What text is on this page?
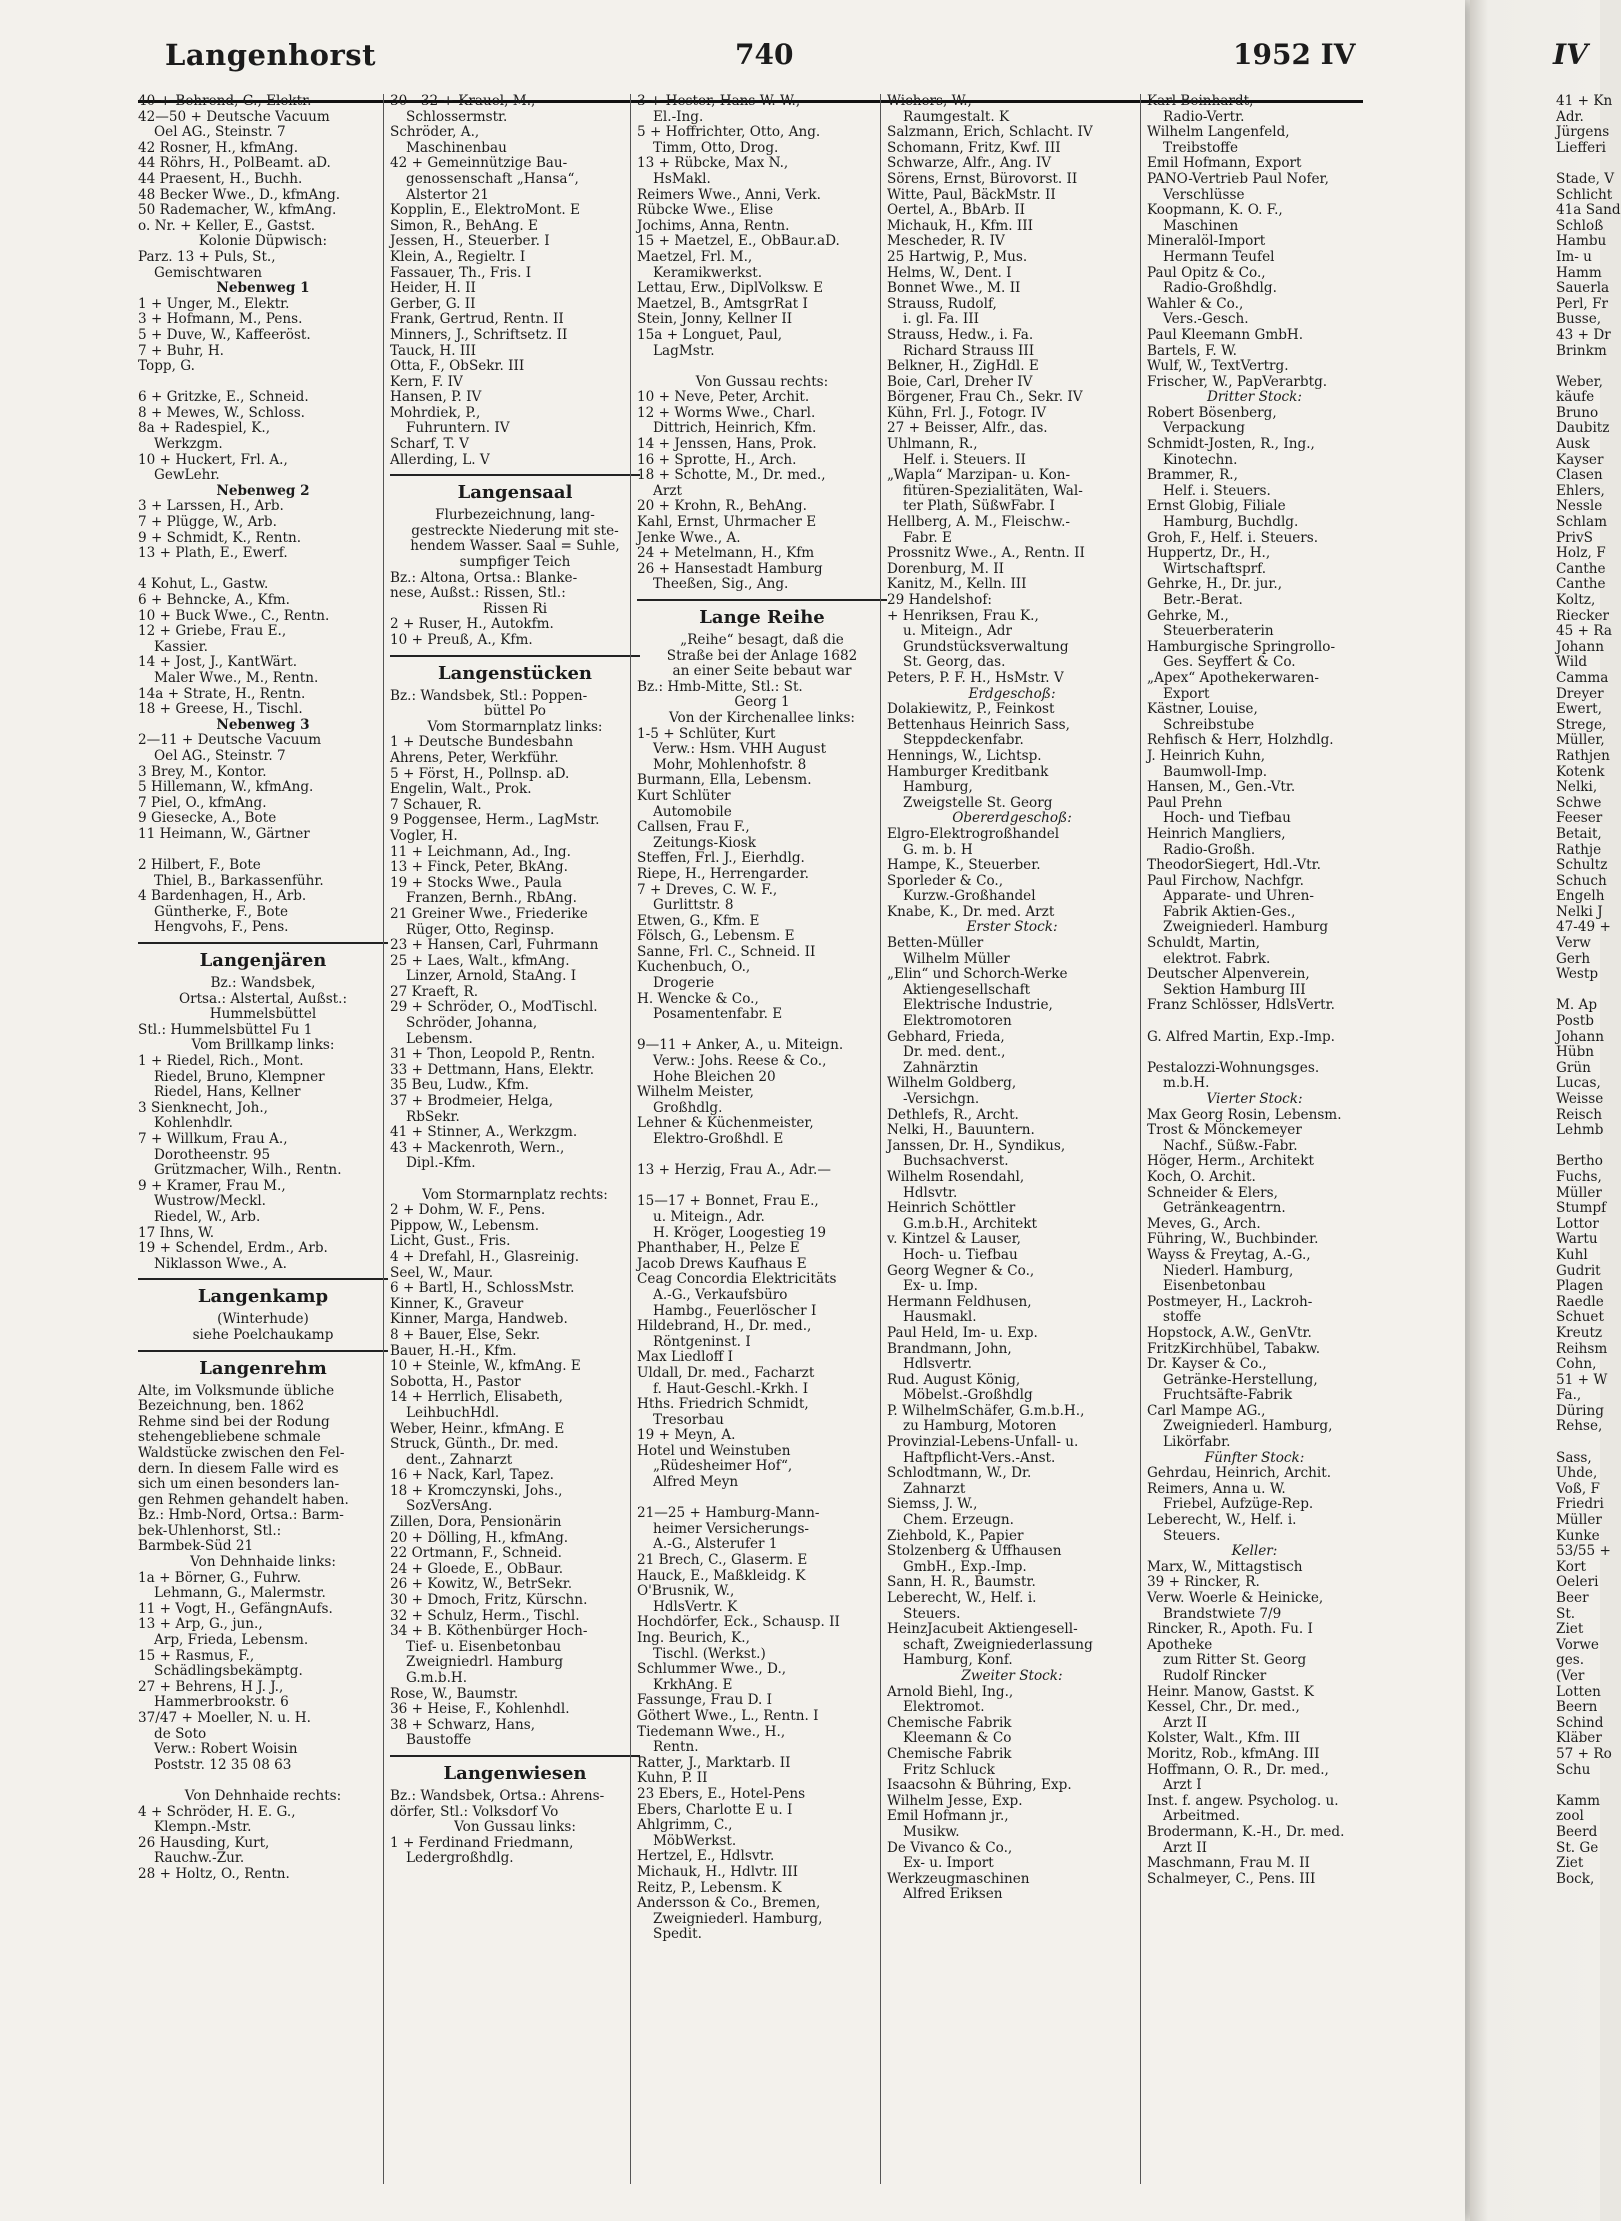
Langenhorst	740	1952 IV
40 + Behrend, G., Elektr.
42—50 + Deutsche Vacuum
Oel AG., Steinstr. 7
42 Rosner, H., kfmAng.
44 Röhrs, H., PolBeamt. aD.
44 Praesent, H., Buchh.
48 Becker Wwe., D., kfmAng.
50 Rademacher, W., kfmAng.
o. Nr. + Keller, E., Gastst.
Kolonie Düpwisch:
Parz. 13 + Puls, St.,
Gemischtwaren
Nebenweg 1
1 + Unger, M., Elektr.
3 + Hofmann, M., Pens.
5 + Duve, W., Kaffeeröst.
7 + Buhr, H.
Topp, G.

6 + Gritzke, E., Schneid.
8 + Mewes, W., Schloss.
8a + Radespiel, K.,
Werkzgm.
10 + Huckert, Frl. A.,
GewLehr.
Nebenweg 2
3 + Larssen, H., Arb.
7 + Plügge, W., Arb.
9 + Schmidt, K., Rentn.
13 + Plath, E., Ewerf.

4 Kohut, L., Gastw.
6 + Behncke, A., Kfm.
10 + Buck Wwe., C., Rentn.
12 + Griebe, Frau E.,
Kassier.
14 + Jost, J., KantWärt.
Maler Wwe., M., Rentn.
14a + Strate, H., Rentn.
18 + Greese, H., Tischl.
Nebenweg 3
2—11 + Deutsche Vacuum
Oel AG., Steinstr. 7
3 Brey, M., Kontor.
5 Hillemann, W., kfmAng.
7 Piel, O., kfmAng.
9 Giesecke, A., Bote
11 Heimann, W., Gärtner

2 Hilbert, F., Bote
Thiel, B., Barkassenführ.
4 Bardenhagen, H., Arb.
Güntherke, F., Bote
Hengvohs, F., Pens.
Langenjären
Bz.: Wandsbek,
Ortsa.: Alstertal, Außst.:
Hummelsbüttel
Stl.: Hummelsbüttel Fu 1
Vom Brillkamp links:
1 + Riedel, Rich., Mont.
Riedel, Bruno, Klempner
Riedel, Hans, Kellner
3 Sienknecht, Joh.,
Kohlenhdlr.
7 + Willkum, Frau A.,
Dorotheenstr. 95
Grützmacher, Wilh., Rentn.
9 + Kramer, Frau M.,
Wustrow/Meckl.
Riedel, W., Arb.
17 Ihns, W.
19 + Schendel, Erdm., Arb.
Niklasson Wwe., A.
Langenkamp
(Winterhude)
siehe Poelchaukamp
Langenrehm
Alte, im Volksmunde übliche
Bezeichnung, ben. 1862
Rehme sind bei der Rodung
stehengebliebene schmale
Waldstücke zwischen den Fel-
dern. In diesem Falle wird es
sich um einen besonders lan-
gen Rehmen gehandelt haben.
Bz.: Hmb-Nord, Ortsa.: Barm-
bek-Uhlenhorst, Stl.:
Barmbek-Süd 21
Von Dehnhaide links:
1a + Börner, G., Fuhrw.
Lehmann, G., Malermstr.
11 + Vogt, H., GefängnAufs.
13 + Arp, G., jun.,
Arp, Frieda, Lebensm.
15 + Rasmus, F.,
Schädlingsbekämptg.
27 + Behrens, H J. J.,
Hammerbrookstr. 6
37/47 + Moeller, N. u. H.
de Soto
Verw.: Robert Woisin
Poststr. 12 35 08 63

Von Dehnhaide rechts:
4 + Schröder, H. E. G.,
Klempn.-Mstr.
26 Hausding, Kurt,
Rauchw.-Zur.
28 + Holtz, O., Rentn.
30—32 + Krauel, M.,
Schlossermstr.
Schröder, A.,
Maschinenbau
42 + Gemeinnützige Bau-
genossenschaft „Hansa“,
Alstertor 21
Kopplin, E., ElektroMont. E
Simon, R., BehAng. E
Jessen, H., Steuerber. I
Klein, A., Regieltr. I
Fassauer, Th., Fris. I
Heider, H. II
Gerber, G. II
Frank, Gertrud, Rentn. II
Minners, J., Schriftsetz. II
Tauck, H. III
Otta, F., ObSekr. III
Kern, F. IV
Hansen, P. IV
Mohrdiek, P.,
Fuhruntern. IV
Scharf, T. V
Allerding, L. V
Langensaal
Flurbezeichnung, lang-
gestreckte Niederung mit ste-
hendem Wasser. Saal = Suhle,
sumpfiger Teich
Bz.: Altona, Ortsa.: Blanke-
nese, Außst.: Rissen, Stl.:
Rissen Ri
2 + Ruser, H., Autokfm.
10 + Preuß, A., Kfm.
Langenstücken
Bz.: Wandsbek, Stl.: Poppen-
büttel Po
Vom Stormarnplatz links:
1 + Deutsche Bundesbahn
Ahrens, Peter, Werkführ.
5 + Först, H., Pollnsp. aD.
Engelin, Walt., Prok.
7 Schauer, R.
9 Poggensee, Herm., LagMstr.
Vogler, H.
11 + Leichmann, Ad., Ing.
13 + Finck, Peter, BkAng.
19 + Stocks Wwe., Paula
Franzen, Bernh., RbAng.
21 Greiner Wwe., Friederike
Rüger, Otto, Reginsp.
23 + Hansen, Carl, Fuhrmann
25 + Laes, Walt., kfmAng.
Linzer, Arnold, StaAng. I
27 Kraeft, R.
29 + Schröder, O., ModTischl.
Schröder, Johanna,
Lebensm.
31 + Thon, Leopold P., Rentn.
33 + Dettmann, Hans, Elektr.
35 Beu, Ludw., Kfm.
37 + Brodmeier, Helga,
RbSekr.
41 + Stinner, A., Werkzgm.
43 + Mackenroth, Wern.,
Dipl.-Kfm.

Vom Stormarnplatz rechts:
2 + Dohm, W. F., Pens.
Pippow, W., Lebensm.
Licht, Gust., Fris.
4 + Drefahl, H., Glasreinig.
Seel, W., Maur.
6 + Bartl, H., SchlossMstr.
Kinner, K., Graveur
Kinner, Marga, Handweb.
8 + Bauer, Else, Sekr.
Bauer, H.-H., Kfm.
10 + Steinle, W., kfmAng. E
Sobotta, H., Pastor
14 + Herrlich, Elisabeth,
LeihbuchHdl.
Weber, Heinr., kfmAng. E
Struck, Günth., Dr. med.
dent., Zahnarzt
16 + Nack, Karl, Tapez.
18 + Kromczynski, Johs.,
SozVersAng.
Zillen, Dora, Pensionärin
20 + Dölling, H., kfmAng.
22 Ortmann, F., Schneid.
24 + Gloede, E., ObBaur.
26 + Kowitz, W., BetrSekr.
30 + Dmoch, Fritz, Kürschn.
32 + Schulz, Herm., Tischl.
34 + B. Köthenbürger Hoch-
Tief- u. Eisenbetonbau
Zweigniedrl. Hamburg
G.m.b.H.
Rose, W., Baumstr.
36 + Heise, F., Kohlenhdl.
38 + Schwarz, Hans,
Baustoffe
Langenwiesen
Bz.: Wandsbek, Ortsa.: Ahrens-
dörfer, Stl.: Volksdorf Vo
Von Gussau links:
1 + Ferdinand Friedmann,
Ledergroßhdlg.
3 + Hester, Hans W. W.,
El.-Ing.
5 + Hoffrichter, Otto, Ang.
Timm, Otto, Drog.
13 + Rübcke, Max N.,
HsMakl.
Reimers Wwe., Anni, Verk.
Rübcke Wwe., Elise
Jochims, Anna, Rentn.
15 + Maetzel, E., ObBaur.aD.
Maetzel, Frl. M.,
Keramikwerkst.
Lettau, Erw., DiplVolksw. E
Maetzel, B., AmtsgrRat I
Stein, Jonny, Kellner II
15a + Longuet, Paul,
LagMstr.

Von Gussau rechts:
10 + Neve, Peter, Archit.
12 + Worms Wwe., Charl.
Dittrich, Heinrich, Kfm.
14 + Jenssen, Hans, Prok.
16 + Sprotte, H., Arch.
18 + Schotte, M., Dr. med.,
Arzt
20 + Krohn, R., BehAng.
Kahl, Ernst, Uhrmacher E
Jenke Wwe., A.
24 + Metelmann, H., Kfm
26 + Hansestadt Hamburg
Theeßen, Sig., Ang.
Lange Reihe
„Reihe“ besagt, daß die
Straße bei der Anlage 1682
an einer Seite bebaut war
Bz.: Hmb-Mitte, Stl.: St.
Georg 1
Von der Kirchenallee links:
1-5 + Schlüter, Kurt
Verw.: Hsm. VHH August
Mohr, Mohlenhofstr. 8
Burmann, Ella, Lebensm.
Kurt Schlüter
Automobile
Callsen, Frau F.,
Zeitungs-Kiosk
Steffen, Frl. J., Eierhdlg.
Riepe, H., Herrengarder.
7 + Dreves, C. W. F.,
Gurlittstr. 8
Etwen, G., Kfm. E
Fölsch, G., Lebensm. E
Sanne, Frl. C., Schneid. II
Kuchenbuch, O.,
Drogerie
H. Wencke & Co.,
Posamentenfabr. E

9—11 + Anker, A., u. Miteign.
Verw.: Johs. Reese & Co.,
Hohe Bleichen 20
Wilhelm Meister,
Großhdlg.
Lehner & Küchenmeister,
Elektro-Großhdl. E

13 + Herzig, Frau A., Adr.—

15—17 + Bonnet, Frau E.,
u. Miteign., Adr.
H. Kröger, Loogestieg 19
Phanthaber, H., Pelze E
Jacob Drews Kaufhaus E
Ceag Concordia Elektricitäts
A.-G., Verkaufsbüro
Hambg., Feuerlöscher I
Hildebrand, H., Dr. med.,
Röntgeninst. I
Max Liedloff I
Uldall, Dr. med., Facharzt
f. Haut-Geschl.-Krkh. I
Hths. Friedrich Schmidt,
Tresorbau
19 + Meyn, A.
Hotel und Weinstuben
„Rüdesheimer Hof“,
Alfred Meyn

21—25 + Hamburg-Mann-
heimer Versicherungs-
A.-G., Alsterufer 1
21 Brech, C., Glaserm. E
Hauck, E., Maßkleidg. K
O'Brusnik, W.,
HdlsVertr. K
Hochdörfer, Eck., Schausp. II
Ing. Beurich, K.,
Tischl. (Werkst.)
Schlummer Wwe., D.,
KrkhAng. E
Fassunge, Frau D. I
Göthert Wwe., L., Rentn. I
Tiedemann Wwe., H.,
Rentn.
Ratter, J., Marktarb. II
Kuhn, P. II
23 Ebers, E., Hotel-Pens
Ebers, Charlotte E u. I
Ahlgrimm, C.,
MöbWerkst.
Hertzel, E., Hdlsvtr.
Michauk, H., Hdlvtr. III
Reitz, P., Lebensm. K
Andersson & Co., Bremen,
Zweigniederl. Hamburg,
Spedit.
Wichers, W.,
Raumgestalt. K
Salzmann, Erich, Schlacht. IV
Schomann, Fritz, Kwf. III
Schwarze, Alfr., Ang. IV
Sörens, Ernst, Bürovorst. II
Witte, Paul, BäckMstr. II
Oertel, A., BbArb. II
Michauk, H., Kfm. III
Mescheder, R. IV
25 Hartwig, P., Mus.
Helms, W., Dent. I
Bonnet Wwe., M. II
Strauss, Rudolf,
i. gl. Fa. III
Strauss, Hedw., i. Fa.
Richard Strauss III
Belkner, H., ZigHdl. E
Boie, Carl, Dreher IV
Börgener, Frau Ch., Sekr. IV
Kühn, Frl. J., Fotogr. IV
27 + Beisser, Alfr., das.
Uhlmann, R.,
Helf. i. Steuers. II
„Wapla“ Marzipan- u. Kon-
fitüren-Spezialitäten, Wal-
ter Plath, SüßwFabr. I
Hellberg, A. M., Fleischw.-
Fabr. E
Prossnitz Wwe., A., Rentn. II
Dorenburg, M. II
Kanitz, M., Kelln. III
29 Handelshof:
+ Henriksen, Frau K.,
u. Miteign., Adr
Grundstücksverwaltung
St. Georg, das.
Peters, P. F. H., HsMstr. V
Erdgeschoß:
Dolakiewitz, P., Feinkost
Bettenhaus Heinrich Sass,
Steppdeckenfabr.
Hennings, W., Lichtsp.
Hamburger Kreditbank
Hamburg,
Zweigstelle St. Georg
Obererdgeschoß:
Elgro-Elektrogroßhandel
G. m. b. H
Hampe, K., Steuerber.
Sporleder & Co.,
Kurzw.-Großhandel
Knabe, K., Dr. med. Arzt
Erster Stock:
Betten-Müller
Wilhelm Müller
„Elin“ und Schorch-Werke
Aktiengesellschaft
Elektrische Industrie,
Elektromotoren
Gebhard, Frieda,
Dr. med. dent.,
Zahnärztin
Wilhelm Goldberg,
-Versichgn.
Dethlefs, R., Archt.
Nelki, H., Bauuntern.
Janssen, Dr. H., Syndikus,
Buchsachverst.
Wilhelm Rosendahl,
Hdlsvtr.
Heinrich Schöttler
G.m.b.H., Architekt
v. Kintzel & Lauser,
Hoch- u. Tiefbau
Georg Wegner & Co.,
Ex- u. Imp.
Hermann Feldhusen,
Hausmakl.
Paul Held, Im- u. Exp.
Brandmann, John,
Hdlsvertr.
Rud. August König,
Möbelst.-Großhdlg
P. WilhelmSchäfer, G.m.b.H.,
zu Hamburg, Motoren
Provinzial-Lebens-Unfall- u.
Haftpflicht-Vers.-Anst.
Schlodtmann, W., Dr.
Zahnarzt
Siemss, J. W.,
Chem. Erzeugn.
Ziehbold, K., Papier
Stolzenberg & Uffhausen
GmbH., Exp.-Imp.
Sann, H. R., Baumstr.
Leberecht, W., Helf. i.
Steuers.
HeinzJacubeit Aktiengesell-
schaft, Zweigniederlassung
Hamburg, Konf.
Zweiter Stock:
Arnold Biehl, Ing.,
Elektromot.
Chemische Fabrik
Kleemann & Co
Chemische Fabrik
Fritz Schluck
Isaacsohn & Bühring, Exp.
Wilhelm Jesse, Exp.
Emil Hofmann jr.,
Musikw.
De Vivanco & Co.,
Ex- u. Import
Werkzeugmaschinen
Alfred Eriksen
Karl Beinhardt,
Radio-Vertr.
Wilhelm Langenfeld,
Treibstoffe
Emil Hofmann, Export
PANO-Vertrieb Paul Nofer,
Verschlüsse
Koopmann, K. O. F.,
Maschinen
Mineralöl-Import
Hermann Teufel
Paul Opitz & Co.,
Radio-Großhdlg.
Wahler & Co.,
Vers.-Gesch.
Paul Kleemann GmbH.
Bartels, F. W.
Wulf, W., TextVertrg.
Frischer, W., PapVerarbtg.
Dritter Stock:
Robert Bösenberg,
Verpackung
Schmidt-Josten, R., Ing.,
Kinotechn.
Brammer, R.,
Helf. i. Steuers.
Ernst Globig, Filiale
Hamburg, Buchdlg.
Groh, F., Helf. i. Steuers.
Huppertz, Dr., H.,
Wirtschaftsprf.
Gehrke, H., Dr. jur.,
Betr.-Berat.
Gehrke, M.,
Steuerberaterin
Hamburgische Springrollo-
Ges. Seyffert & Co.
„Apex“ Apothekerwaren-
Export
Kästner, Louise,
Schreibstube
Rehfisch & Herr, Holzhdlg.
J. Heinrich Kuhn,
Baumwoll-Imp.
Hansen, M., Gen.-Vtr.
Paul Prehn
Hoch- und Tiefbau
Heinrich Mangliers,
Radio-Großh.
TheodorSiegert, Hdl.-Vtr.
Paul Firchow, Nachfgr.
Apparate- und Uhren-
Fabrik Aktien-Ges.,
Zweigniederl. Hamburg
Schuldt, Martin,
elektrot. Fabrk.
Deutscher Alpenverein,
Sektion Hamburg III
Franz Schlösser, HdlsVertr.

G. Alfred Martin, Exp.-Imp.

Pestalozzi-Wohnungsges.
m.b.H.
Vierter Stock:
Max Georg Rosin, Lebensm.
Trost & Mönckemeyer
Nachf., Süßw.-Fabr.
Höger, Herm., Architekt
Koch, O. Archit.
Schneider & Elers,
Getränkeagentrn.
Meves, G., Arch.
Führing, W., Buchbinder.
Wayss & Freytag, A.-G.,
Niederl. Hamburg,
Eisenbetonbau
Postmeyer, H., Lackroh-
stoffe
Hopstock, A.W., GenVtr.
FritzKirchhübel, Tabakw.
Dr. Kayser & Co.,
Getränke-Herstellung,
Fruchtsäfte-Fabrik
Carl Mampe AG.,
Zweigniederl. Hamburg,
Likörfabr.
Fünfter Stock:
Gehrdau, Heinrich, Archit.
Reimers, Anna u. W.
Friebel, Aufzüge-Rep.
Leberecht, W., Helf. i.
Steuers.
Keller:
Marx, W., Mittagstisch
39 + Rincker, R.
Verw. Woerle & Heinicke,
Brandstwiete 7/9
Rincker, R., Apoth. Fu. I
Apotheke
zum Ritter St. Georg
Rudolf Rincker
Heinr. Manow, Gastst. K
Kessel, Chr., Dr. med.,
Arzt II
Kolster, Walt., Kfm. III
Moritz, Rob., kfmAng. III
Hoffmann, O. R., Dr. med.,
Arzt I
Inst. f. angew. Psycholog. u.
Arbeitmed.
Brodermann, K.-H., Dr. med.
Arzt II
Maschmann, Frau M. II
Schalmeyer, C., Pens. III
IV
41 + Kn
Adr.
Jürgens
Liefferi

Stade, V
Schlicht
41a Sand
Schloß
Hambu
Im- u
Hamm
Sauerla
Perl, Fr
Busse,
43 + Dr
Brinkm

Weber,
käufe
Bruno
Daubitz
Ausk
Kayser
Clasen
Ehlers,
Nessle
Schlam
PrivS
Holz, F
Canthe
Canthe
Koltz,
Riecker
45 + Ra
Johann
Wild
Camma
Dreyer
Ewert,
Strege,
Müller,
Rathjen
Kotenk
Nelki,
Schwe
Feeser
Betait,
Rathje
Schultz
Schuch
Engelh
Nelki J
47-49 +
Verw
Gerh
Westp

M. Ap
Postb
Johann
Hübn
Grün
Lucas,
Weisse
Reisch
Lehmb

Bertho
Fuchs,
Müller
Stumpf
Lottor
Wartu
Kuhl
Gudrit
Plagen
Raedle
Schuet
Kreutz
Reihsm
Cohn,
51 + W
Fa.,
Düring
Rehse,

Sass,
Uhde,
Voß, F
Friedri
Müller
Kunke
53/55 +
Kort
Oeleri
Beer
St.
Ziet
Vorwe
ges.
(Ver
Lotten
Beern
Schind
Kläber
57 + Ro
Schu

Kamm
zool
Beerd
St. Ge
Ziet
Bock,
